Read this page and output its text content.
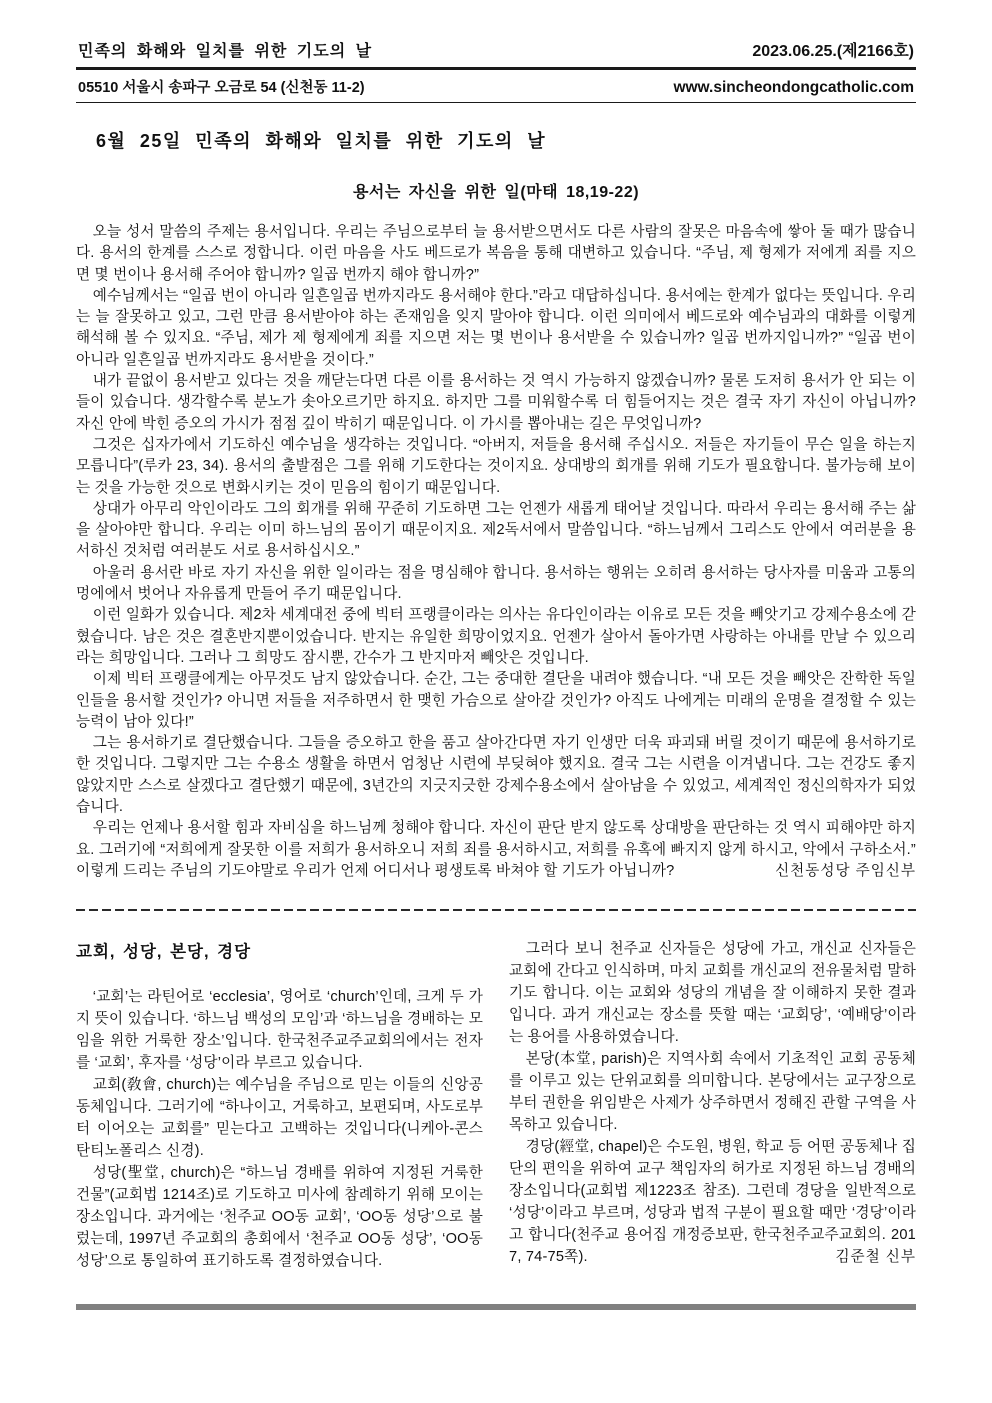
민족의 화해와 일치를 위한 기도의 날	2023.06.25.(제2166호)
05510 서울시 송파구 오금로 54 (신천동 11-2)	www.sincheondongcatholic.com
6월 25일 민족의 화해와 일치를 위한 기도의 날
용서는 자신을 위한 일(마태 18,19-22)

오늘 성서 말씀의 주제는 용서입니다. 우리는 주님으로부터 늘 용서받으면서도 다른 사람의 잘못은 마음속에 쌓아 둘 때가 많습니다. 용서의 한계를 스스로 정합니다. 이런 마음을 사도 베드로가 복음을 통해 대변하고 있습니다. “주님, 제 형제가 저에게 죄를 지으면 몇 번이나 용서해 주어야 합니까? 일곱 번까지 해야 합니까?”

예수님께서는 “일곱 번이 아니라 일흔일곱 번까지라도 용서해야 한다.”라고 대답하십니다. 용서에는 한계가 없다는 뜻입니다. 우리는 늘 잘못하고 있고, 그런 만큼 용서받아야 하는 존재임을 잊지 말아야 합니다. 이런 의미에서 베드로와 예수님과의 대화를 이렇게 해석해 볼 수 있지요. “주님, 제가 제 형제에게 죄를 지으면 저는 몇 번이나 용서받을 수 있습니까? 일곱 번까지입니까?” “일곱 번이 아니라 일흔일곱 번까지라도 용서받을 것이다.”

내가 끝없이 용서받고 있다는 것을 깨닫는다면 다른 이를 용서하는 것 역시 가능하지 않겠습니까? 물론 도저히 용서가 안 되는 이들이 있습니다. 생각할수록 분노가 솟아오르기만 하지요. 하지만 그를 미워할수록 더 힘들어지는 것은 결국 자기 자신이 아닙니까? 자신 안에 박힌 증오의 가시가 점점 깊이 박히기 때문입니다. 이 가시를 뽑아내는 길은 무엇입니까?

그것은 십자가에서 기도하신 예수님을 생각하는 것입니다. “아버지, 저들을 용서해 주십시오. 저들은 자기들이 무슨 일을 하는지 모릅니다”(루카 23, 34). 용서의 출발점은 그를 위해 기도한다는 것이지요. 상대방의 회개를 위해 기도가 필요합니다. 불가능해 보이는 것을 가능한 것으로 변화시키는 것이 믿음의 힘이기 때문입니다.

상대가 아무리 악인이라도 그의 회개를 위해 꾸준히 기도하면 그는 언젠가 새롭게 태어날 것입니다. 따라서 우리는 용서해 주는 삶을 살아야만 합니다. 우리는 이미 하느님의 몸이기 때문이지요. 제2독서에서 말씀입니다. “하느님께서 그리스도 안에서 여러분을 용서하신 것처럼 여러분도 서로 용서하십시오.”

아울러 용서란 바로 자기 자신을 위한 일이라는 점을 명심해야 합니다. 용서하는 행위는 오히려 용서하는 당사자를 미움과 고통의 멍에에서 벗어나 자유롭게 만들어 주기 때문입니다.

이런 일화가 있습니다. 제2차 세계대전 중에 빅터 프랭클이라는 의사는 유다인이라는 이유로 모든 것을 빼앗기고 강제수용소에 갇혔습니다. 남은 것은 결혼반지뿐이었습니다. 반지는 유일한 희망이었지요. 언젠가 살아서 돌아가면 사랑하는 아내를 만날 수 있으리라는 희망입니다. 그러나 그 희망도 잠시뿐, 간수가 그 반지마저 빼앗은 것입니다.

이제 빅터 프랭클에게는 아무것도 남지 않았습니다. 순간, 그는 중대한 결단을 내려야 했습니다. “내 모든 것을 빼앗은 잔학한 독일인들을 용서할 것인가? 아니면 저들을 저주하면서 한 맺힌 가슴으로 살아갈 것인가? 아직도 나에게는 미래의 운명을 결정할 수 있는 능력이 남아 있다!”

그는 용서하기로 결단했습니다. 그들을 증오하고 한을 품고 살아간다면 자기 인생만 더욱 파괴돼 버릴 것이기 때문에 용서하기로 한 것입니다. 그렇지만 그는 수용소 생활을 하면서 엄청난 시련에 부딪혀야 했지요. 결국 그는 시련을 이겨냅니다. 그는 건강도 좋지 않았지만 스스로 살겠다고 결단했기 때문에, 3년간의 지긋지긋한 강제수용소에서 살아남을 수 있었고, 세계적인 정신의학자가 되었습니다.

우리는 언제나 용서할 힘과 자비심을 하느님께 청해야 합니다. 자신이 판단 받지 않도록 상대방을 판단하는 것 역시 피해야만 하지요. 그러기에 “저희에게 잘못한 이를 저희가 용서하오니 저희 죄를 용서하시고, 저희를 유혹에 빠지지 않게 하시고, 악에서 구하소서.” 이렇게 드리는 주님의 기도야말로 우리가 언제 어디서나 평생토록 바쳐야 할 기도가 아닙니까?	신천동성당 주임신부
교회, 성당, 본당, 경당

‘교회’는 라틴어로 ‘ecclesia’, 영어로 ‘church’인데, 크게 두 가지 뜻이 있습니다. ‘하느님 백성의 모임’과 ‘하느님을 경배하는 모임을 위한 거룩한 장소’입니다. 한국천주교주교회의에서는 전자를 ‘교회’, 후자를 ‘성당’이라 부르고 있습니다.

교회(敎會, church)는 예수님을 주님으로 믿는 이들의 신앙공동체입니다. 그러기에 “하나이고, 거룩하고, 보편되며, 사도로부터 이어오는 교회를” 믿는다고 고백하는 것입니다(니케아-콘스탄티노폴리스 신경).

성당(聖堂, church)은 “하느님 경배를 위하여 지정된 거룩한 건물”(교회법 1214조)로 기도하고 미사에 참례하기 위해 모이는 장소입니다. 과거에는 ‘천주교 OO동 교회’, ‘OO동 성당’으로 불렀는데, 1997년 주교회의 총회에서 ‘천주교 OO동 성당’, ‘OO동 성당’으로 통일하여 표기하도록 결정하였습니다.

그러다 보니 천주교 신자들은 성당에 가고, 개신교 신자들은 교회에 간다고 인식하며, 마치 교회를 개신교의 전유물처럼 말하기도 합니다. 이는 교회와 성당의 개념을 잘 이해하지 못한 결과입니다. 과거 개신교는 장소를 뜻할 때는 ‘교회당’, ‘예배당’이라는 용어를 사용하였습니다.

본당(本堂, parish)은 지역사회 속에서 기초적인 교회 공동체를 이루고 있는 단위교회를 의미합니다. 본당에서는 교구장으로부터 권한을 위임받은 사제가 상주하면서 정해진 관할 구역을 사목하고 있습니다.

경당(經堂, chapel)은 수도원, 병원, 학교 등 어떤 공동체나 집단의 편익을 위하여 교구 책임자의 허가로 지정된 하느님 경배의 장소입니다(교회법 제1223조 참조). 그런데 경당을 일반적으로 ‘성당’이라고 부르며, 성당과 법적 구분이 필요할 때만 ‘경당’이라고 합니다(천주교 용어집 개정증보판, 한국천주교주교회의. 2017, 74-75쪽).	김준철 신부
